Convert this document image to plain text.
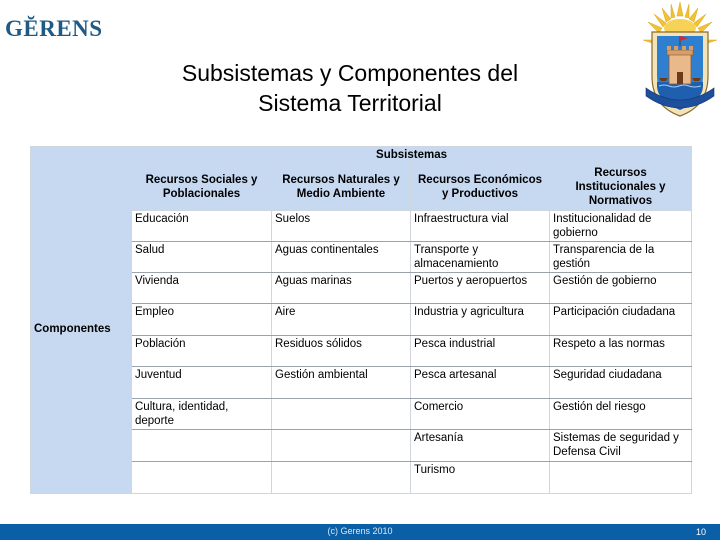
GĔRENS
Subsistemas y Componentes del
Sistema Territorial
	Subsistemas			
Componentes	Recursos Sociales y Poblacionales	Recursos Naturales y Medio Ambiente	Recursos Económicos y Productivos	Recursos Institucionales y Normativos
	Educación	Suelos	Infraestructura vial	Institucionalidad de gobierno
	Salud	Aguas continentales	Transporte y almacenamiento	Transparencia de la gestión
	Vivienda	Aguas marinas	Puertos y aeropuertos	Gestión de gobierno
	Empleo	Aire	Industria y agricultura	Participación ciudadana
	Población	Residuos sólidos	Pesca industrial	Respeto a las normas
	Juventud	Gestión ambiental	Pesca artesanal	Seguridad ciudadana
	Cultura, identidad, deporte		Comercio	Gestión del riesgo
			Artesanía	Sistemas de seguridad y Defensa Civil
			Turismo	
(c) Gerens 2010	10
